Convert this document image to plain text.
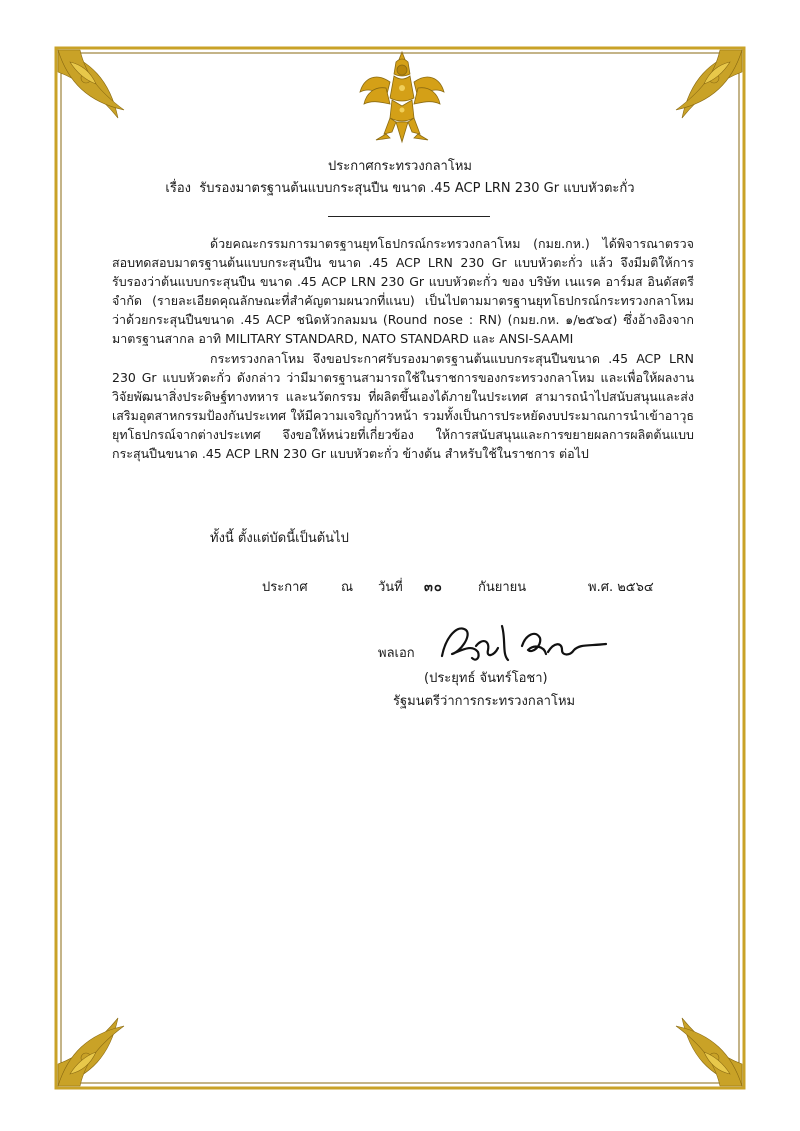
ประกาศกระทรวงกลาโหม
เรื่อง รับรองมาตรฐานต้นแบบกระสุนปืน ขนาด .45 ACP LRN 230 Gr แบบหัวตะกั่ว
ด้วยคณะกรรมการมาตรฐานยุทโธปกรณ์กระทรวงกลาโหม (กมย.กห.) ได้พิจารณาตรวจสอบทดสอบมาตรฐานต้นแบบกระสุนปืน ขนาด .45 ACP LRN 230 Gr แบบหัวตะกั่ว แล้ว จึงมีมติให้การรับรองว่าต้นแบบกระสุนปืน ขนาด .45 ACP LRN 230 Gr แบบหัวตะกั่ว ของ บริษัท เนแรค อาร์มส อินดัสตรี จำกัด (รายละเอียดคุณลักษณะที่สำคัญตามผนวกที่แนบ) เป็นไปตามมาตรฐานยุทโธปกรณ์กระทรวงกลาโหมว่าด้วยกระสุนปืนขนาด .45 ACP ชนิดหัวกลมมน (Round nose : RN) (กมย.กห. ๑/๒๕๖๔) ซึ่งอ้างอิงจากมาตรฐานสากล อาทิ MILITARY STANDARD, NATO STANDARD และ ANSI-SAAMI
กระทรวงกลาโหม จึงขอประกาศรับรองมาตรฐานต้นแบบกระสุนปืนขนาด .45 ACP LRN 230 Gr แบบหัวตะกั่ว ดังกล่าว ว่ามีมาตรฐานสามารถใช้ในราชการของกระทรวงกลาโหม และเพื่อให้ผลงานวิจัยพัฒนาสิ่งประดิษฐ์ทางทหาร และนวัตกรรม ที่ผลิตขึ้นเองได้ภายในประเทศ สามารถนำไปสนับสนุนและส่งเสริมอุตสาหกรรมป้องกันประเทศ ให้มีความเจริญก้าวหน้า รวมทั้งเป็นการประหยัดงบประมาณการนำเข้าอาวุธยุทโธปกรณ์จากต่างประเทศ จึงขอให้หน่วยที่เกี่ยวข้อง ให้การสนับสนุนและการขยายผลการผลิตต้นแบบกระสุนปืนขนาด .45 ACP LRN 230 Gr แบบหัวตะกั่ว ข้างต้น สำหรับใช้ในราชการ ต่อไป
ทั้งนี้ ตั้งแต่บัดนี้เป็นต้นไป
ประกาศ	ณ วันที่ ๓๐	กันยายน	พ.ศ. ๒๕๖๔
พลเอก
(ประยุทธ์ จันทร์โอชา)
รัฐมนตรีว่าการกระทรวงกลาโหม
